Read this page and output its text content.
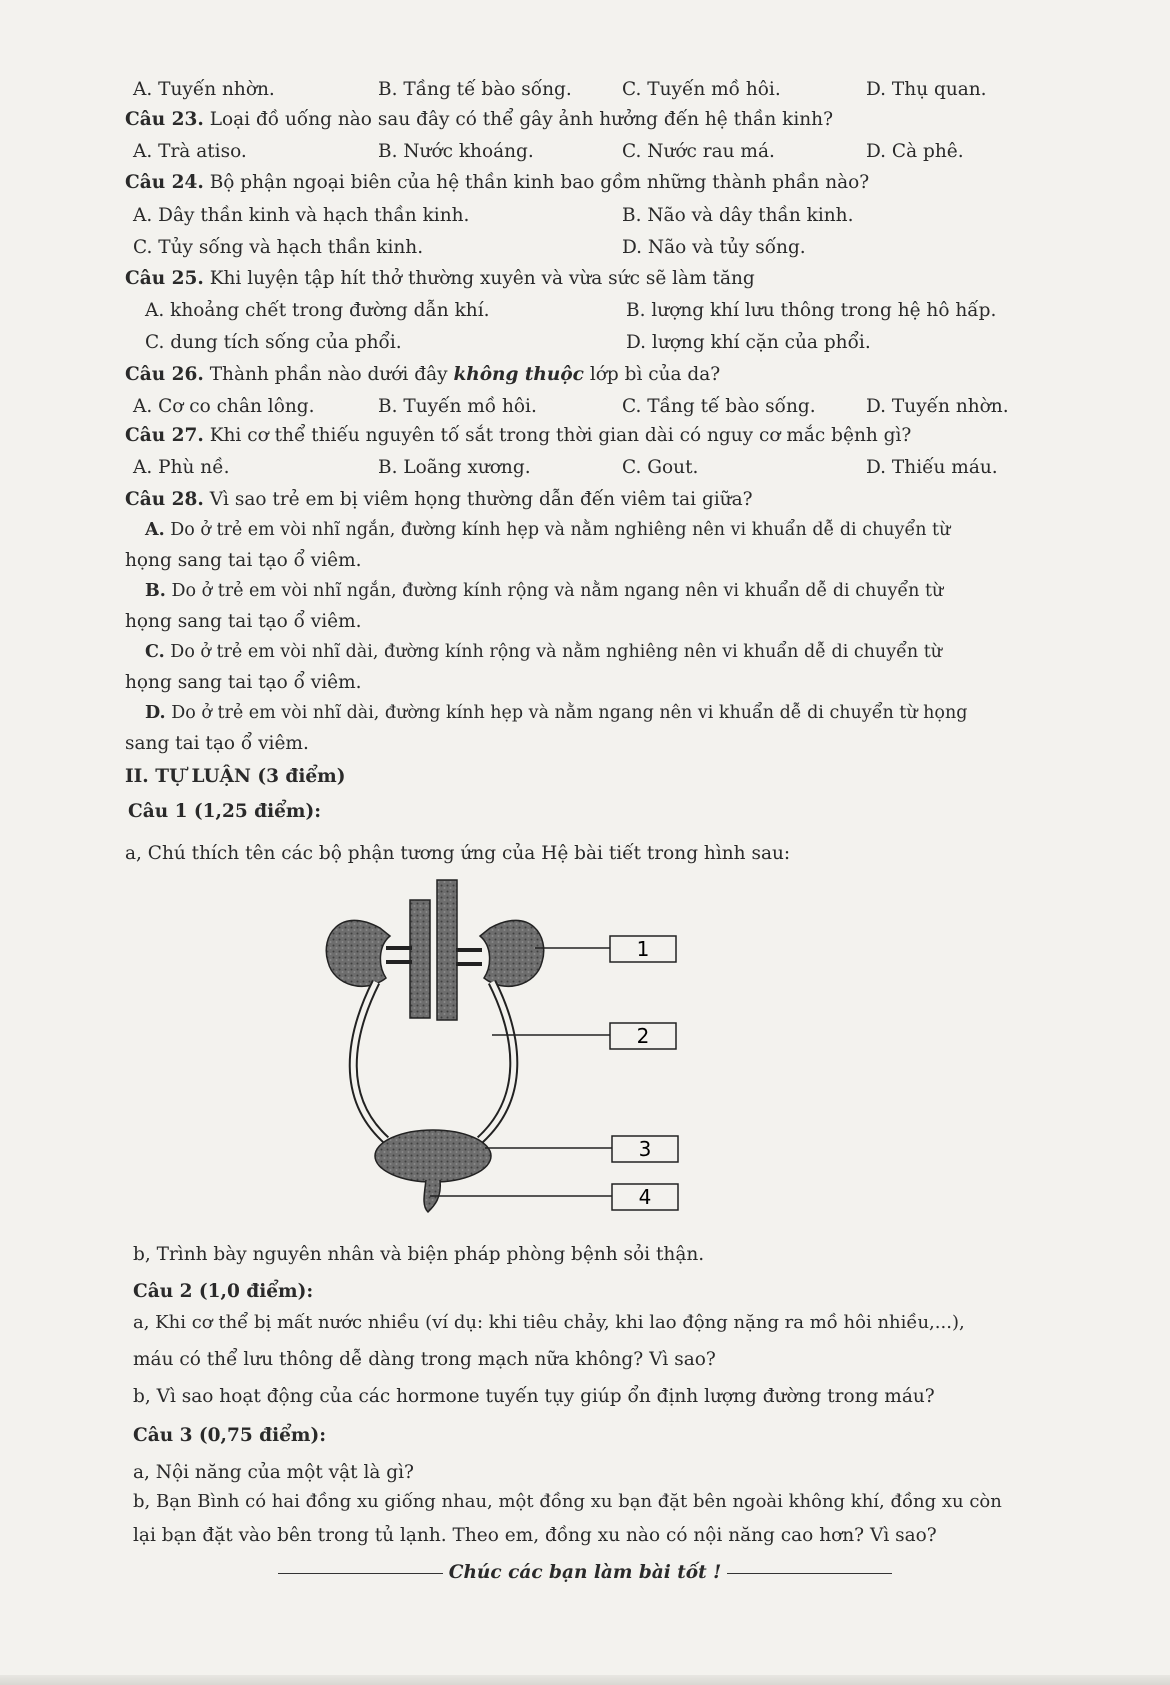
A. Tuyến nhờn.	B. Tầng tế bào sống.	C. Tuyến mồ hôi.	D. Thụ quan.
Câu 23. Loại đồ uống nào sau đây có thể gây ảnh hưởng đến hệ thần kinh?
A. Trà atiso.	B. Nước khoáng.	C. Nước rau má.	D. Cà phê.
Câu 24. Bộ phận ngoại biên của hệ thần kinh bao gồm những thành phần nào?
A. Dây thần kinh và hạch thần kinh.	B. Não và dây thần kinh.
C. Tủy sống và hạch thần kinh.	D. Não và tủy sống.
Câu 25. Khi luyện tập hít thở thường xuyên và vừa sức sẽ làm tăng
A. khoảng chết trong đường dẫn khí.	B. lượng khí lưu thông trong hệ hô hấp.
C. dung tích sống của phổi.	D. lượng khí cặn của phổi.
Câu 26. Thành phần nào dưới đây không thuộc lớp bì của da?
A. Cơ co chân lông.	B. Tuyến mồ hôi.	C. Tầng tế bào sống.	D. Tuyến nhờn.
Câu 27. Khi cơ thể thiếu nguyên tố sắt trong thời gian dài có nguy cơ mắc bệnh gì?
A. Phù nề.	B. Loãng xương.	C. Gout.	D. Thiếu máu.
Câu 28. Vì sao trẻ em bị viêm họng thường dẫn đến viêm tai giữa?
A. Do ở trẻ em vòi nhĩ ngắn, đường kính hẹp và nằm nghiêng nên vi khuẩn dễ di chuyển từ
họng sang tai tạo ổ viêm.
B. Do ở trẻ em vòi nhĩ ngắn, đường kính rộng và nằm ngang nên vi khuẩn dễ di chuyển từ
họng sang tai tạo ổ viêm.
C. Do ở trẻ em vòi nhĩ dài, đường kính rộng và nằm nghiêng nên vi khuẩn dễ di chuyển từ
họng sang tai tạo ổ viêm.
D. Do ở trẻ em vòi nhĩ dài, đường kính hẹp và nằm ngang nên vi khuẩn dễ di chuyển từ họng
sang tai tạo ổ viêm.
II. TỰ LUẬN (3 điểm)
Câu 1 (1,25 điểm):
a, Chú thích tên các bộ phận tương ứng của Hệ bài tiết trong hình sau:
1
2
3
4
b, Trình bày nguyên nhân và biện pháp phòng bệnh sỏi thận.
Câu 2 (1,0 điểm):
a, Khi cơ thể bị mất nước nhiều (ví dụ: khi tiêu chảy, khi lao động nặng ra mồ hôi nhiều,...),
máu có thể lưu thông dễ dàng trong mạch nữa không? Vì sao?
b, Vì sao hoạt động của các hormone tuyến tụy giúp ổn định lượng đường trong máu?
Câu 3 (0,75 điểm):
a, Nội năng của một vật là gì?
b, Bạn Bình có hai đồng xu giống nhau, một đồng xu bạn đặt bên ngoài không khí, đồng xu còn
lại bạn đặt vào bên trong tủ lạnh. Theo em, đồng xu nào có nội năng cao hơn? Vì sao?
Chúc các bạn làm bài tốt !
